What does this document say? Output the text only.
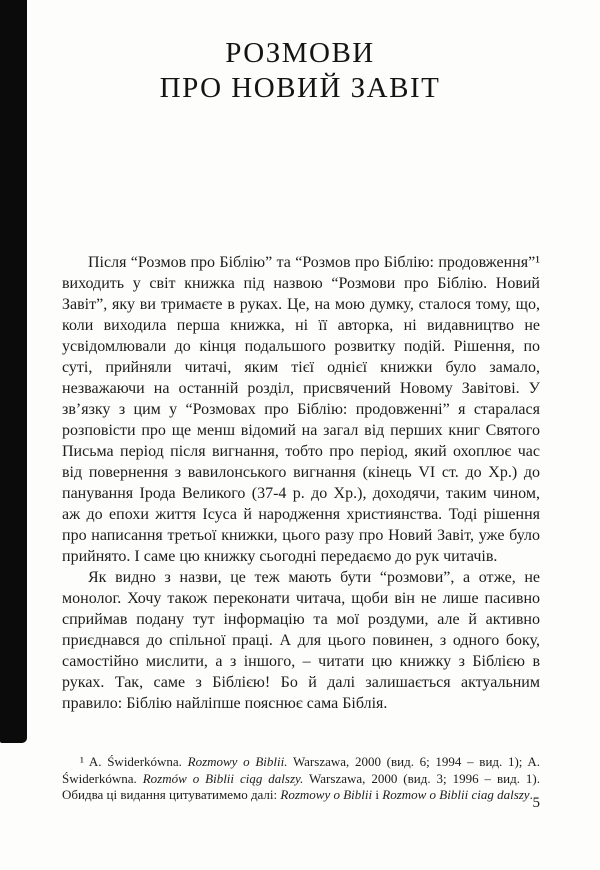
РОЗМОВИ
ПРО НОВИЙ ЗАВІТ

Після “Розмов про Біблію” та “Розмов про Біблію: продовження”¹ виходить у світ книжка під назвою “Розмови про Біблію. Новий Завіт”, яку ви тримаєте в руках. Це, на мою думку, сталося тому, що, коли виходила перша книжка, ні її авторка, ні видавництво не усвідомлювали до кінця подальшого розвитку подій. Рішення, по суті, прийняли читачі, яким тієї однієї книжки було замало, незважаючи на останній розділ, присвячений Новому Завітові. У зв’язку з цим у “Розмовах про Біблію: продовженні” я старалася розповісти про ще менш відомий на загал від перших книг Святого Письма період після вигнання, тобто про період, який охоплює час від повернення з вавилонського вигнання (кінець VI ст. до Хр.) до панування Ірода Великого (37-4 р. до Хр.), доходячи, таким чином, аж до епохи життя Ісуса й народження християнства. Тоді рішення про написання третьої книжки, цього разу про Новий Завіт, уже було прийнято. І саме цю книжку сьогодні передаємо до рук читачів.

Як видно з назви, це теж мають бути “розмови”, а отже, не монолог. Хочу також переконати читача, щоби він не лише пасивно сприймав подану тут інформацію та мої роздуми, але й активно приєднався до спільної праці. А для цього повинен, з одного боку, самостійно мислити, а з іншого, – читати цю книжку з Біблією в руках. Так, саме з Біблією! Бо й далі залишається актуальним правило: Біблію найліпше пояснює сама Біблія.

¹ A. Świderkówna. Rozmowy o Biblii. Warszawa, 2000 (вид. 6; 1994 – вид. 1); A. Świderkówna. Rozmów o Biblii ciąg dalszy. Warszawa, 2000 (вид. 3; 1996 – вид. 1). Обидва ці видання цитуватимемо далі: Rozmowy o Biblii і Rozmow o Biblii ciag dalszy.
5
